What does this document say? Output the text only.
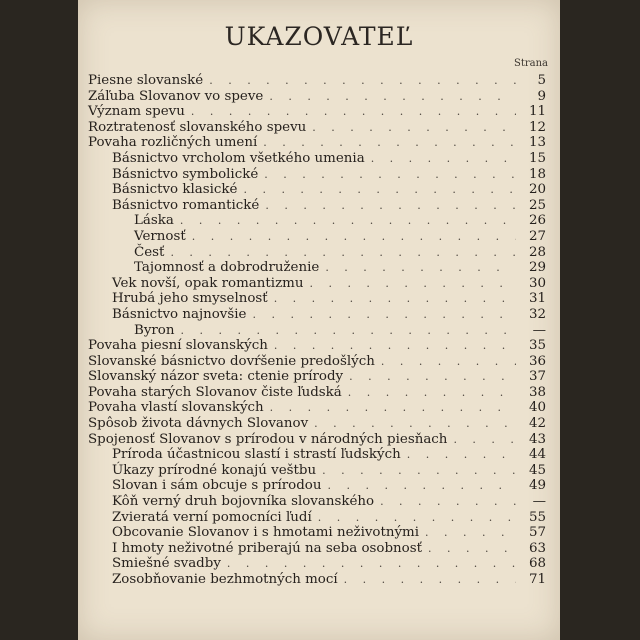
UKAZOVATEĽ
Strana
Piesne slovanské . . .	5
Záľuba Slovanov vo speve . . .	9
Význam spevu . . .	11
Roztratenosť slovanského spevu . . .	12
Povaha rozličných umení . . .	13
Básnictvo vrcholom všetkého umenia . . .	15
Básnictvo symbolické . . .	18
Básnictvo klasické . . .	20
Básnictvo romantické . . .	25
Láska . . .	26
Vernosť . . .	27
Česť . . .	28
Tajomnosť a dobrodruženie . . .	29
Vek novší, opak romantizmu . . .	30
Hrubá jeho smyselnosť . . .	31
Básnictvo najnovšie . . .	32
Byron . . .	—
Povaha piesní slovanských . . .	35
Slovanské básnictvo dovŕšenie predošlých . . .	36
Slovanský názor sveta: ctenie prírody . . .	37
Povaha starých Slovanov čiste ľudská . . .	38
Povaha vlastí slovanských . . .	40
Spôsob života dávnych Slovanov . . .	42
Spojenosť Slovanov s prírodou v národných piesňach . . .	43
Príroda účastnicou slastí i strastí ľudských . . .	44
Úkazy prírodné konajú veštbu . . .	45
Slovan i sám obcuje s prírodou . . .	49
Kôň verný druh bojovníka slovanského . . .	—
Zvieratá verní pomocníci ľudí . . .	55
Obcovanie Slovanov i s hmotami neživotnými . . .	57
I hmoty neživotné priberajú na seba osobnosť . . .	63
Smiešné svadby . . .	68
Zosobňovanie bezhmotných mocí . . .	71
